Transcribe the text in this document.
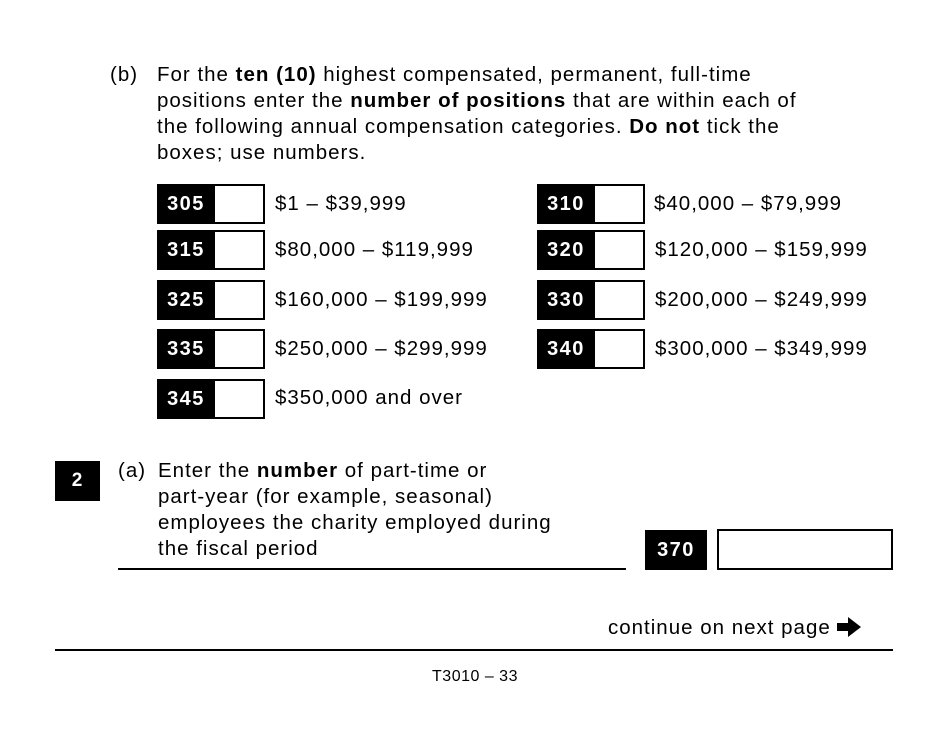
(b) For the ten (10) highest compensated, permanent, full-time
positions enter the number of positions that are within each of
the following annual compensation categories. Do not tick the
boxes; use numbers.
305	$1 – $39,999	310	$40,000 – $79,999
315	$80,000 – $119,999	320	$120,000 – $159,999
325	$160,000 – $199,999	330	$200,000 – $249,999
335	$250,000 – $299,999	340	$300,000 – $349,999
345	$350,000 and over
2	(a) Enter the number of part-time or
part-year (for example, seasonal)
employees the charity employed during
the fiscal period	370
continue on next page
T3010 – 33
